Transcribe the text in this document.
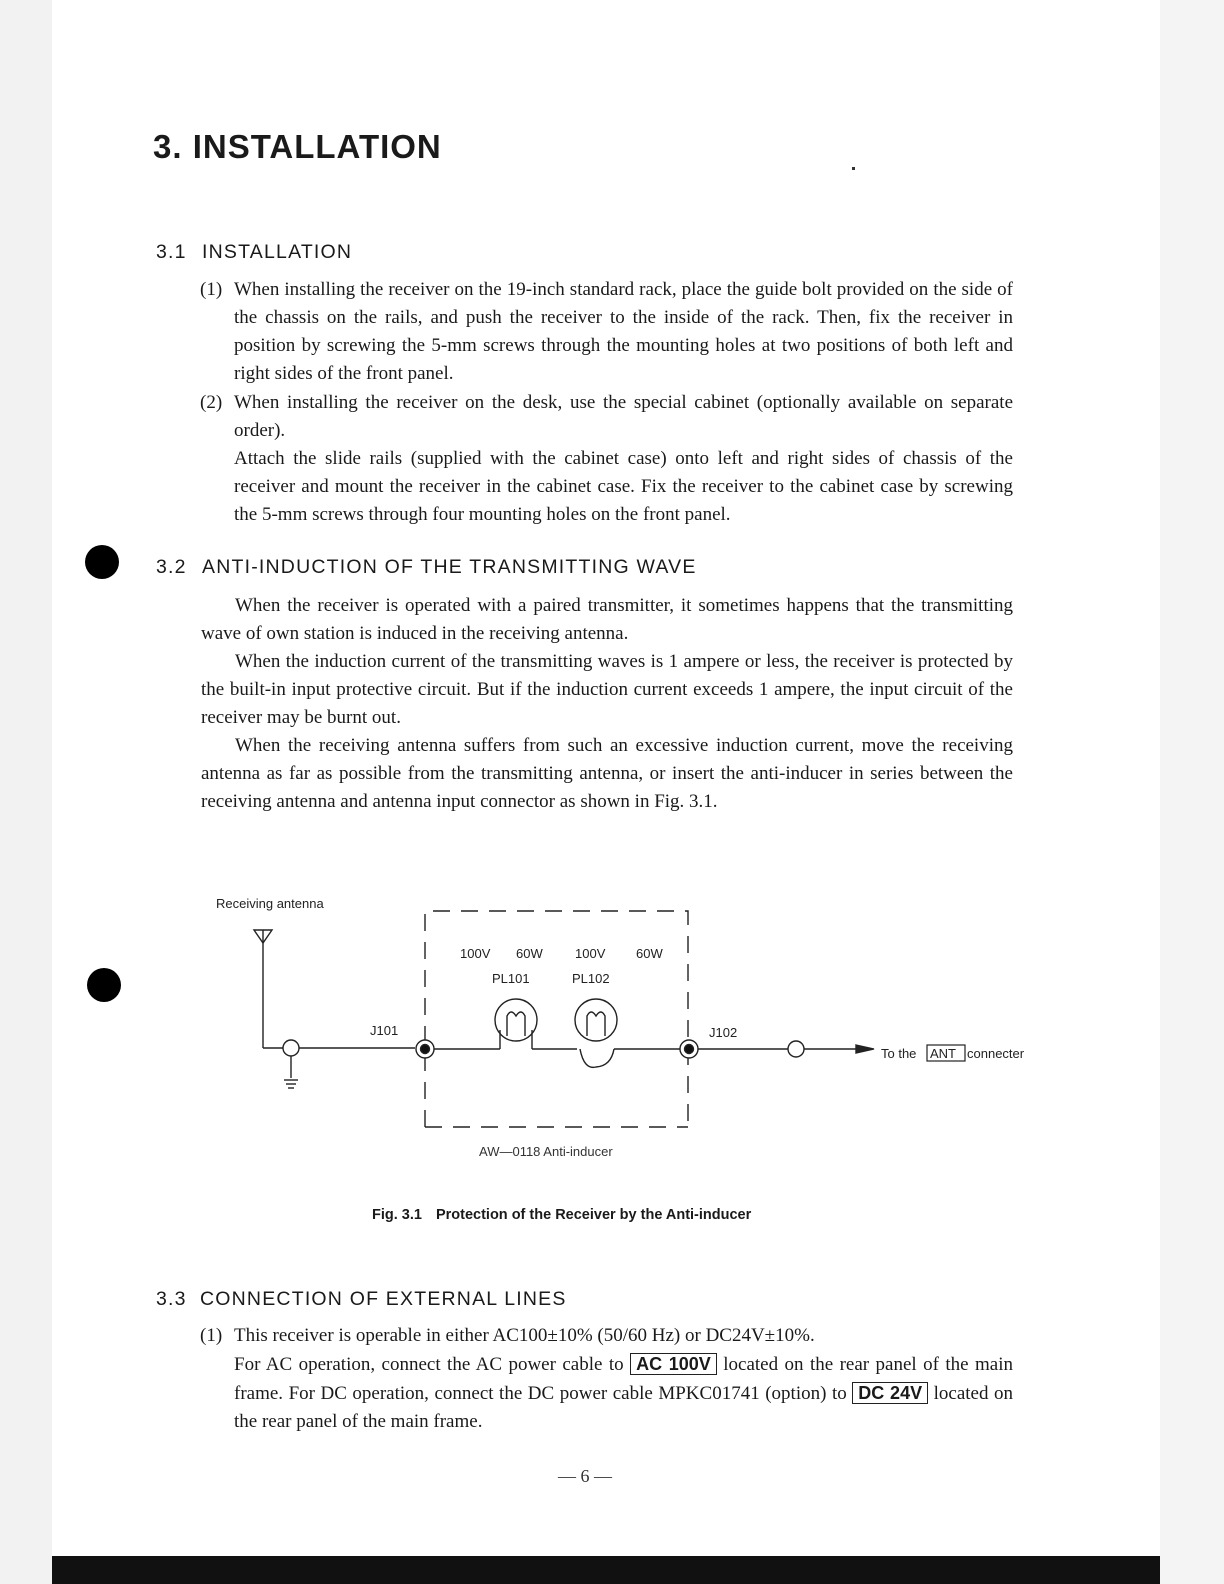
3. INSTALLATION
3.1 INSTALLATION
(1) When installing the receiver on the 19-inch standard rack, place the guide bolt provided on the side of the chassis on the rails, and push the receiver to the inside of the rack. Then, fix the receiver in position by screwing the 5-mm screws through the mounting holes at two positions of both left and right sides of the front panel.
(2) When installing the receiver on the desk, use the special cabinet (optionally available on separate order).
Attach the slide rails (supplied with the cabinet case) onto left and right sides of chassis of the receiver and mount the receiver in the cabinet case. Fix the receiver to the cabinet case by screwing the 5-mm screws through four mounting holes on the front panel.
3.2 ANTI-INDUCTION OF THE TRANSMITTING WAVE
When the receiver is operated with a paired transmitter, it sometimes happens that the transmitting wave of own station is induced in the receiving antenna.
When the induction current of the transmitting waves is 1 ampere or less, the receiver is protected by the built-in input protective circuit. But if the induction current exceeds 1 ampere, the input circuit of the receiver may be burnt out.
When the receiving antenna suffers from such an excessive induction current, move the receiving antenna as far as possible from the transmitting antenna, or insert the anti-inducer in series between the receiving antenna and antenna input connector as shown in Fig. 3.1.
Receiving antenna
100V 60W 100V 60W
PL101	PL102
J101	J102
To the ANT connecter
AW—0118 Anti-inducer
Fig. 3.1 Protection of the Receiver by the Anti-inducer
3.3 CONNECTION OF EXTERNAL LINES
(1) This receiver is operable in either AC100±10% (50/60 Hz) or DC24V±10%.
For AC operation, connect the AC power cable to AC 100V located on the rear panel of the main frame. For DC operation, connect the DC power cable MPKC01741 (option) to DC 24V located on the rear panel of the main frame.
— 6 —
